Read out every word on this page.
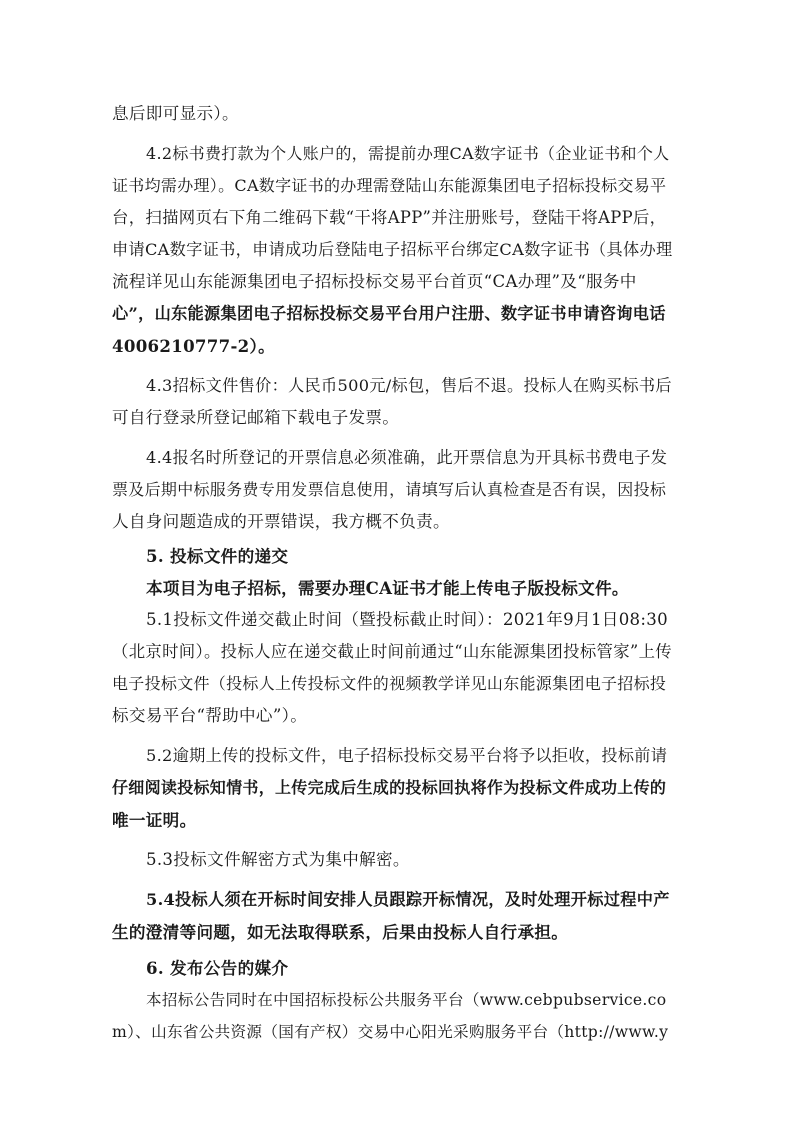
息后即可显示）。
4.2标书费打款为个人账户的，需提前办理CA数字证书（企业证书和个人
证书均需办理）。CA数字证书的办理需登陆山东能源集团电子招标投标交易平
台，扫描网页右下角二维码下载“干将APP”并注册账号，登陆干将APP后，
申请CA数字证书，申请成功后登陆电子招标平台绑定CA数字证书（具体办理
流程详见山东能源集团电子招标投标交易平台首页“CA办理”及“服务中
心”，山东能源集团电子招标投标交易平台用户注册、数字证书申请咨询电话
4006210777-2）。
4.3招标文件售价：人民币500元/标包，售后不退。投标人在购买标书后
可自行登录所登记邮箱下载电子发票。
4.4报名时所登记的开票信息必须准确，此开票信息为开具标书费电子发
票及后期中标服务费专用发票信息使用，请填写后认真检查是否有误，因投标
人自身问题造成的开票错误，我方概不负责。
5. 投标文件的递交
本项目为电子招标，需要办理CA证书才能上传电子版投标文件。
5.1投标文件递交截止时间（暨投标截止时间）：2021年9月1日08:30
（北京时间）。投标人应在递交截止时间前通过“山东能源集团投标管家”上传
电子投标文件（投标人上传投标文件的视频教学详见山东能源集团电子招标投
标交易平台“帮助中心”）。
5.2逾期上传的投标文件，电子招标投标交易平台将予以拒收，投标前请
仔细阅读投标知情书，上传完成后生成的投标回执将作为投标文件成功上传的
唯一证明。
5.3投标文件解密方式为集中解密。
5.4投标人须在开标时间安排人员跟踪开标情况，及时处理开标过程中产
生的澄清等问题，如无法取得联系，后果由投标人自行承担。
6. 发布公告的媒介
本招标公告同时在中国招标投标公共服务平台（www.cebpubservice.co
m）、山东省公共资源（国有产权）交易中心阳光采购服务平台（http://www.y
